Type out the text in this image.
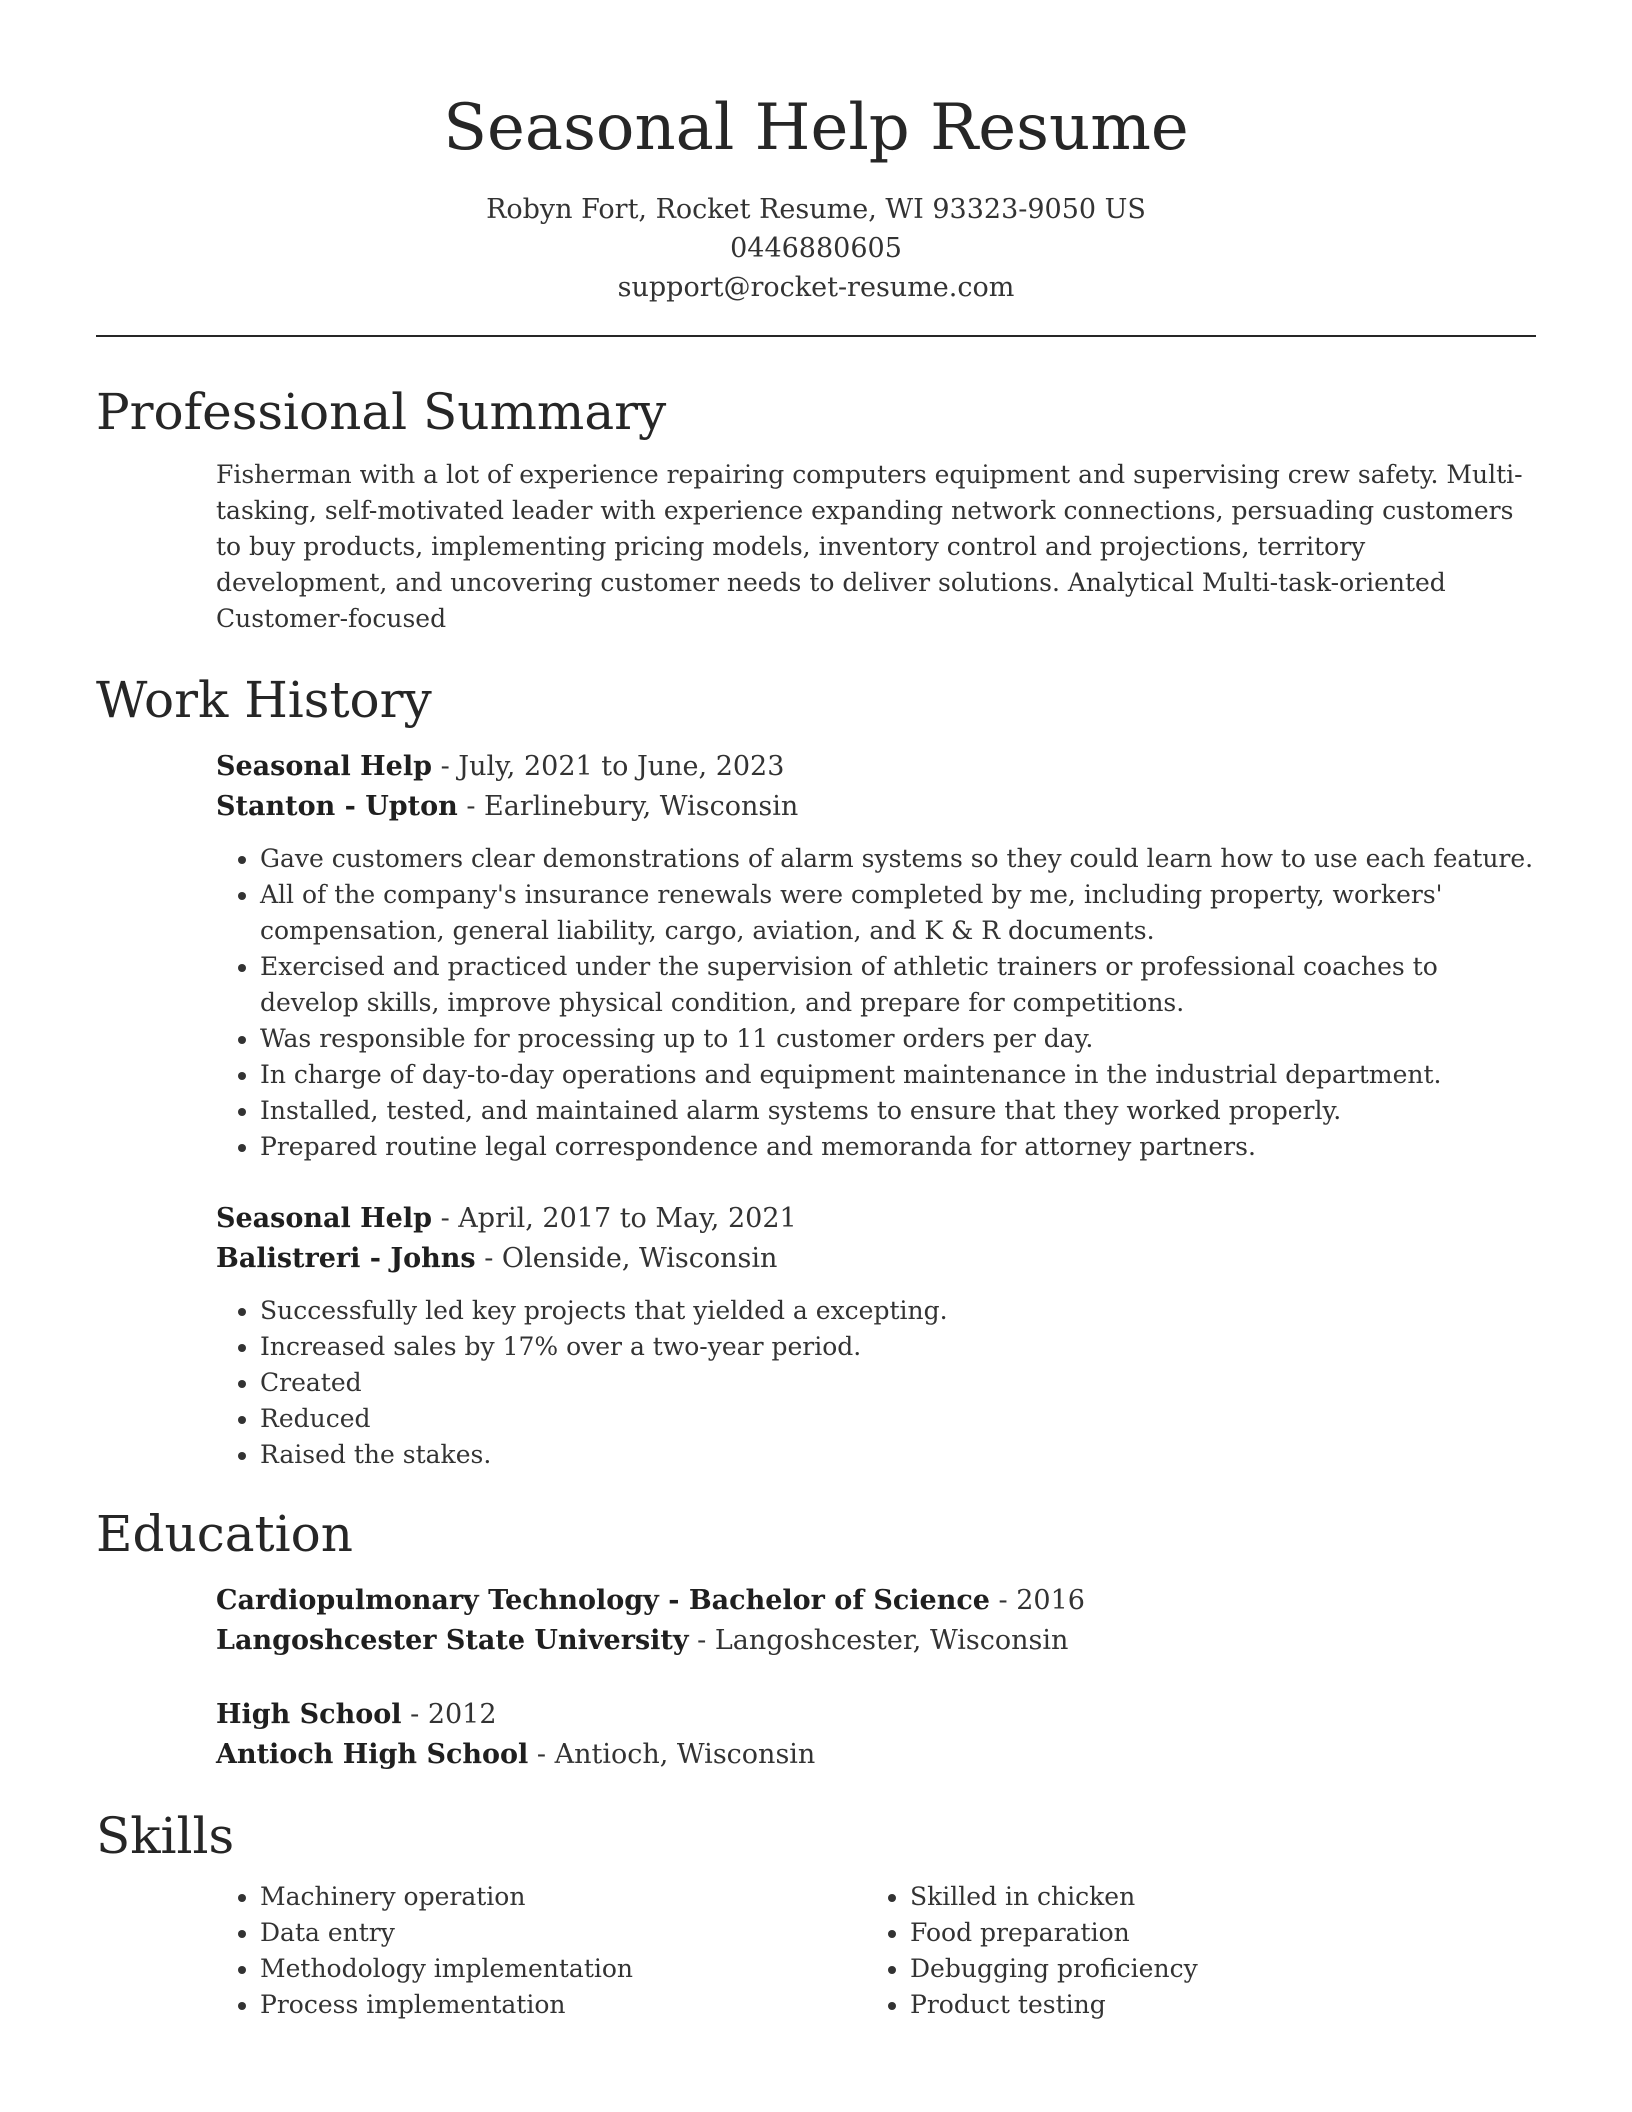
Seasonal Help Resume
Robyn Fort, Rocket Resume, WI 93323-9050 US
0446880605
support@rocket-resume.com
Professional Summary
Fisherman with a lot of experience repairing computers equipment and supervising crew safety. Multi-tasking, self-motivated leader with experience expanding network connections, persuading customers to buy products, implementing pricing models, inventory control and projections, territory development, and uncovering customer needs to deliver solutions. Analytical Multi-task-oriented Customer-focused
Work History
Seasonal Help - July, 2021 to June, 2023
Stanton - Upton - Earlinebury, Wisconsin
• Gave customers clear demonstrations of alarm systems so they could learn how to use each feature.
• All of the company's insurance renewals were completed by me, including property, workers' compensation, general liability, cargo, aviation, and K & R documents.
• Exercised and practiced under the supervision of athletic trainers or professional coaches to develop skills, improve physical condition, and prepare for competitions.
• Was responsible for processing up to 11 customer orders per day.
• In charge of day-to-day operations and equipment maintenance in the industrial department.
• Installed, tested, and maintained alarm systems to ensure that they worked properly.
• Prepared routine legal correspondence and memoranda for attorney partners.
Seasonal Help - April, 2017 to May, 2021
Balistreri - Johns - Olenside, Wisconsin
• Successfully led key projects that yielded a excepting.
• Increased sales by 17% over a two-year period.
• Created
• Reduced
• Raised the stakes.
Education
Cardiopulmonary Technology - Bachelor of Science - 2016
Langoshcester State University - Langoshcester, Wisconsin
High School - 2012
Antioch High School - Antioch, Wisconsin
Skills
• Machinery operation
• Data entry
• Methodology implementation
• Process implementation
• Skilled in chicken
• Food preparation
• Debugging proficiency
• Product testing
